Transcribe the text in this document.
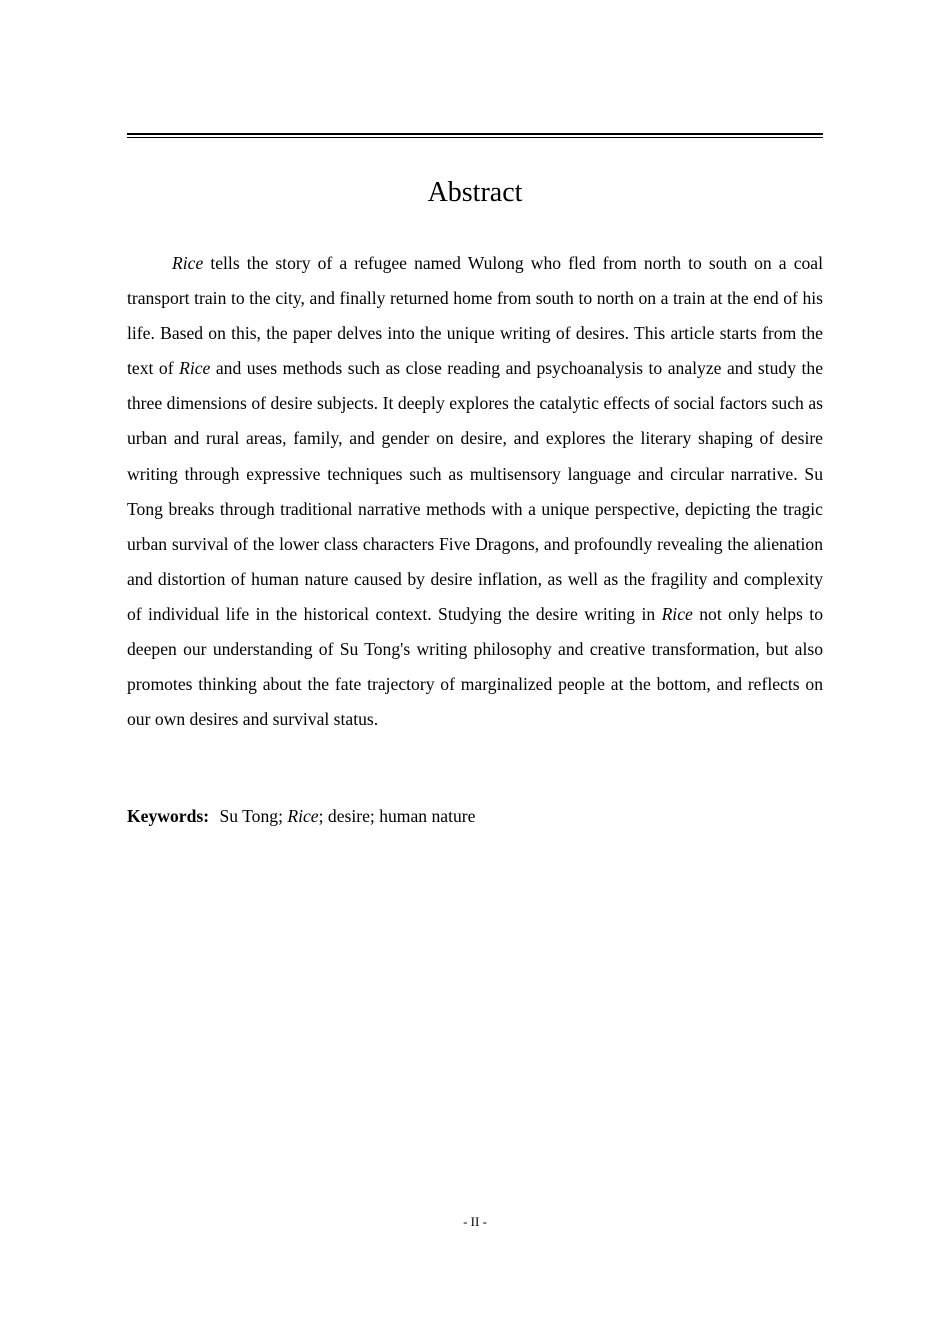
Abstract

Rice tells the story of a refugee named Wulong who fled from north to south on a coal transport train to the city, and finally returned home from south to north on a train at the end of his life. Based on this, the paper delves into the unique writing of desires. This article starts from the text of Rice and uses methods such as close reading and psychoanalysis to analyze and study the three dimensions of desire subjects. It deeply explores the catalytic effects of social factors such as urban and rural areas, family, and gender on desire, and explores the literary shaping of desire writing through expressive techniques such as multisensory language and circular narrative. Su Tong breaks through traditional narrative methods with a unique perspective, depicting the tragic urban survival of the lower class characters Five Dragons, and profoundly revealing the alienation and distortion of human nature caused by desire inflation, as well as the fragility and complexity of individual life in the historical context. Studying the desire writing in Rice not only helps to deepen our understanding of Su Tong's writing philosophy and creative transformation, but also promotes thinking about the fate trajectory of marginalized people at the bottom, and reflects on our own desires and survival status.

Keywords: Su Tong; Rice; desire; human nature

- II -
